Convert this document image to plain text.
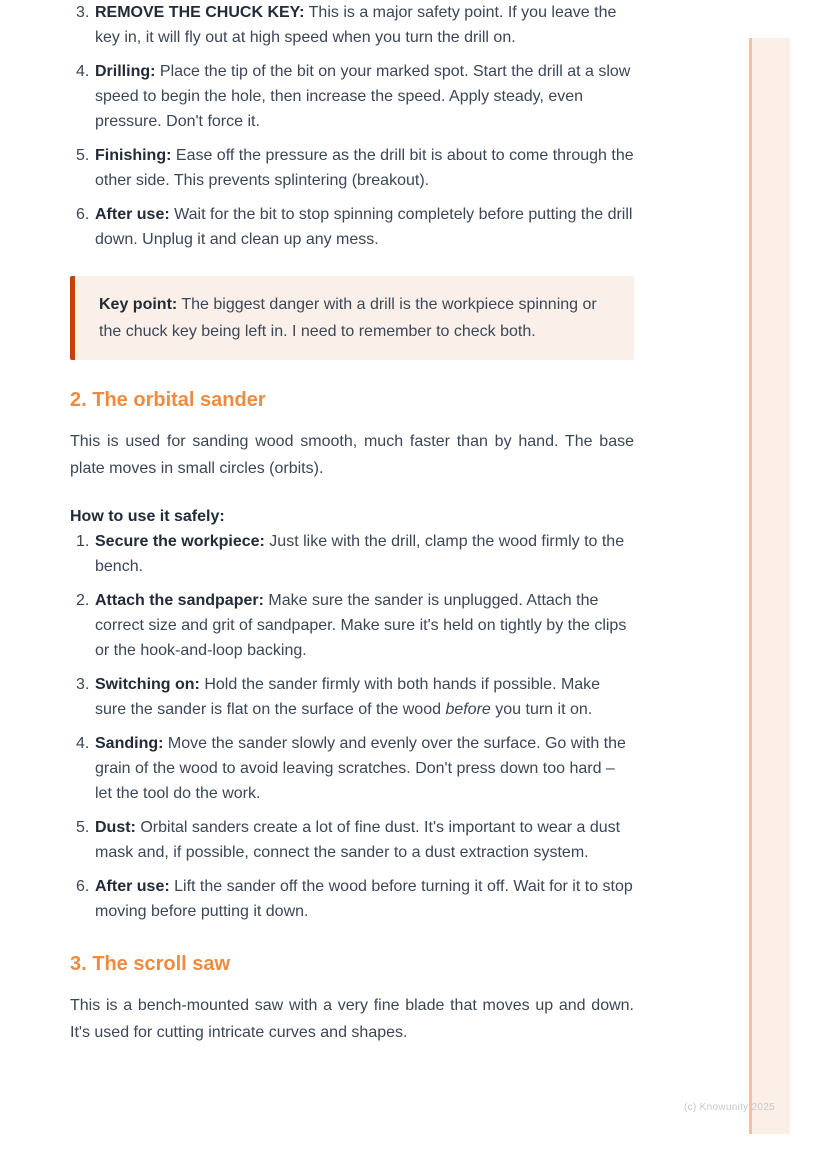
3. REMOVE THE CHUCK KEY: This is a major safety point. If you leave the key in, it will fly out at high speed when you turn the drill on.
4. Drilling: Place the tip of the bit on your marked spot. Start the drill at a slow speed to begin the hole, then increase the speed. Apply steady, even pressure. Don't force it.
5. Finishing: Ease off the pressure as the drill bit is about to come through the other side. This prevents splintering (breakout).
6. After use: Wait for the bit to stop spinning completely before putting the drill down. Unplug it and clean up any mess.
Key point: The biggest danger with a drill is the workpiece spinning or the chuck key being left in. I need to remember to check both.
2. The orbital sander

This is used for sanding wood smooth, much faster than by hand. The base plate moves in small circles (orbits).

How to use it safely:

1. Secure the workpiece: Just like with the drill, clamp the wood firmly to the bench.
2. Attach the sandpaper: Make sure the sander is unplugged. Attach the correct size and grit of sandpaper. Make sure it's held on tightly by the clips or the hook-and-loop backing.
3. Switching on: Hold the sander firmly with both hands if possible. Make sure the sander is flat on the surface of the wood before you turn it on.
4. Sanding: Move the sander slowly and evenly over the surface. Go with the grain of the wood to avoid leaving scratches. Don't press down too hard – let the tool do the work.
5. Dust: Orbital sanders create a lot of fine dust. It's important to wear a dust mask and, if possible, connect the sander to a dust extraction system.
6. After use: Lift the sander off the wood before turning it off. Wait for it to stop moving before putting it down.
3. The scroll saw

This is a bench-mounted saw with a very fine blade that moves up and down. It's used for cutting intricate curves and shapes.

(c) Knowunity 2025
